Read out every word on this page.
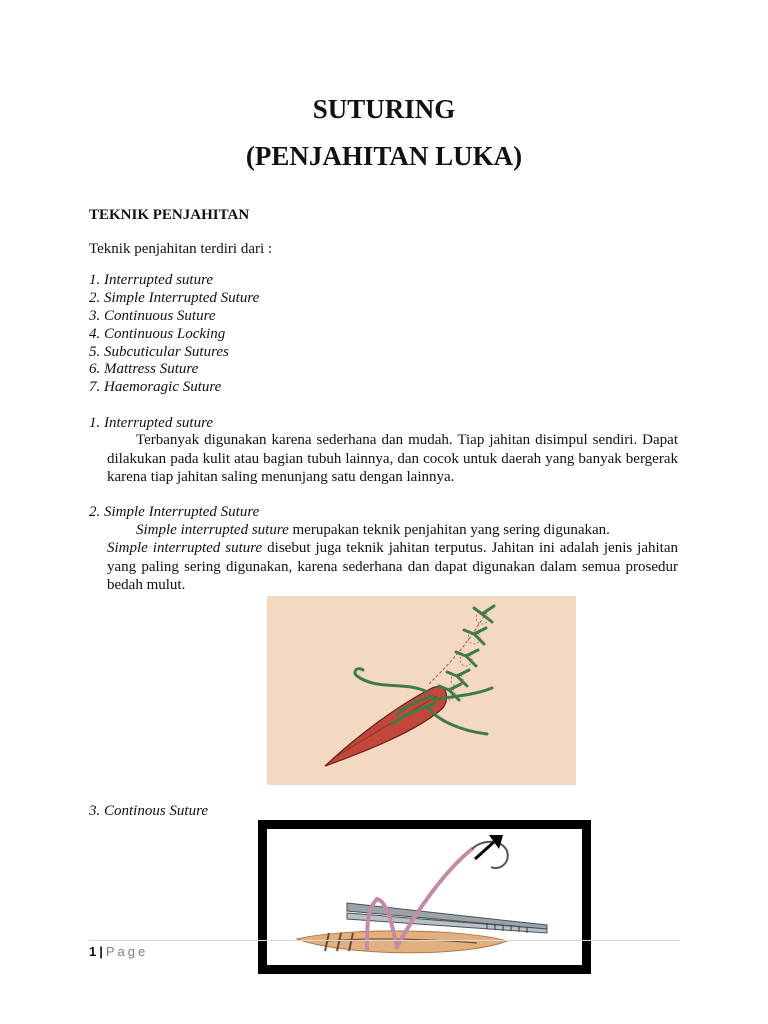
SUTURING
(PENJAHITAN LUKA)
TEKNIK PENJAHITAN
Teknik penjahitan terdiri dari :
1. Interrupted suture
2. Simple Interrupted Suture
3. Continuous Suture
4. Continuous Locking
5. Subcuticular Sutures
6. Mattress Suture
7. Haemoragic Suture
1. Interrupted suture
Terbanyak digunakan karena sederhana dan mudah. Tiap jahitan disimpul sendiri. Dapat dilakukan pada kulit atau bagian tubuh lainnya, dan cocok untuk daerah yang banyak bergerak karena tiap jahitan saling menunjang satu dengan lainnya.
2. Simple Interrupted Suture
Simple interrupted suture merupakan teknik penjahitan yang sering digunakan.
Simple interrupted suture disebut juga teknik jahitan terputus. Jahitan ini adalah jenis jahitan yang paling sering digunakan, karena sederhana dan dapat digunakan dalam semua prosedur bedah mulut.
3. Continous Suture
1 | Page
